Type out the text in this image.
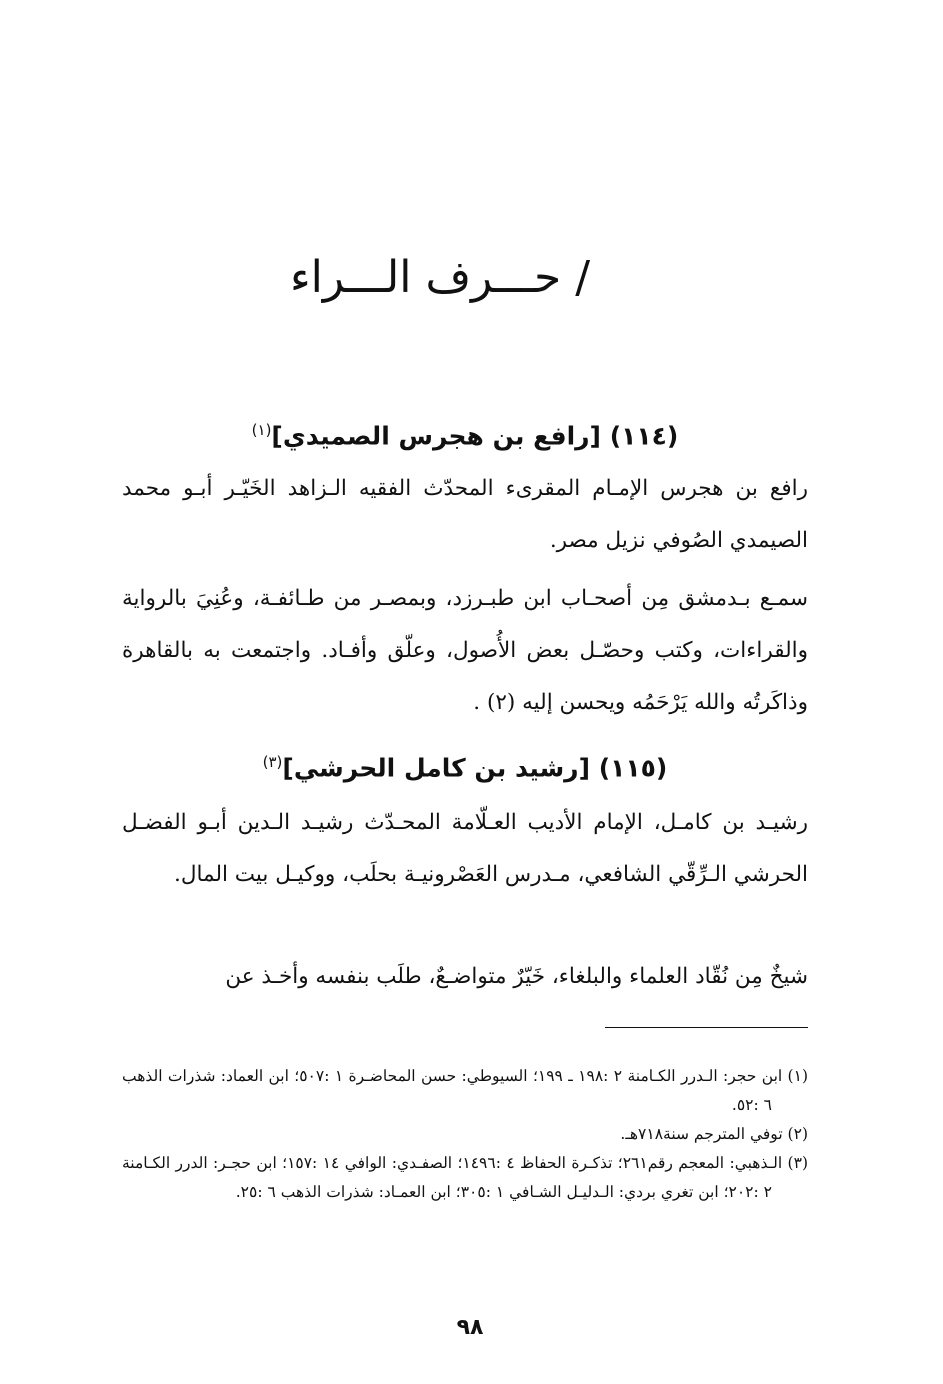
/ حـــرف الـــراء
(١١٤) [رافع بن هجرس الصميدي]$^{(١)}$

رافع بن هجرس الإمـام المقرىء المحدّث الفقيه الـزاهد الخَيّـر أبـو محمد الصيمدي الصُوفي نزيل مصر.

سمـع بـدمشق مِن أصحـاب ابن طبـرزد، وبمصـر من طـائفـة، وعُنِيَ بالرواية والقراءات، وكتب وحصّـل بعض الأُصول، وعلّق وأفـاد. واجتمعت به بالقاهرة وذاكَرتُه والله يَرْحَمُه ويحسن إليه (٢) .

(١١٥) [رشيد بن كامل الحرشي]$^{(٣)}$

رشيـد بن كامـل، الإمام الأديب العـلّامة المحـدّث رشيـد الـدين أبـو الفضـل الحرشي الـرِّقّي الشافعي، مـدرس العَصْرونيـة بحلَب، ووكيـل بيت المال.

شيخٌ مِن نُقّاد العلماء والبلغاء، خَيّرٌ متواضـعٌ، طلَب بنفسه وأخـذ عن

(١) ابن حجر: الـدرر الكـامنة ٢ :١٩٨ ـ ١٩٩؛ السيوطي: حسن المحاضـرة ١ :٥٠٧؛ ابن العماد: شذرات الذهب ٦ :٥٢.

(٢) توفي المترجم سنة٧١٨هـ.

(٣) الـذهبي: المعجم رقم٢٦١؛ تذكـرة الحفاظ ٤ :١٤٩٦؛ الصفـدي: الوافي ١٤ :١٥٧؛ ابن حجـر: الدرر الكـامنة ٢ :٢٠٢؛ ابن تغري بردي: الـدليـل الشـافي ١ :٣٠٥؛ ابن العمـاد: شذرات الذهب ٦ :٢٥.

٩٨
